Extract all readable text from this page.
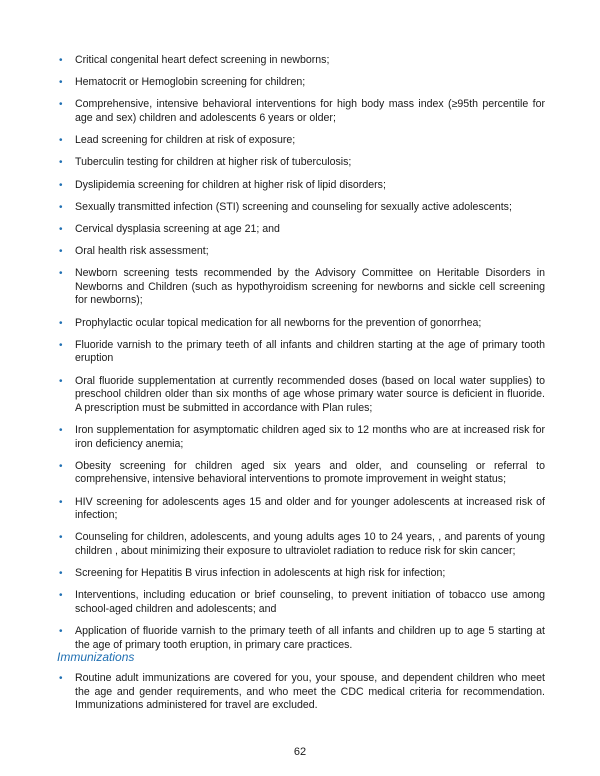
• Critical congenital heart defect screening in newborns;
• Hematocrit or Hemoglobin screening for children;
• Comprehensive, intensive behavioral interventions for high body mass index (≥95th percentile for age and sex) children and adolescents 6 years or older;
• Lead screening for children at risk of exposure;
• Tuberculin testing for children at higher risk of tuberculosis;
• Dyslipidemia screening for children at higher risk of lipid disorders;
• Sexually transmitted infection (STI) screening and counseling for sexually active adolescents;
• Cervical dysplasia screening at age 21; and
• Oral health risk assessment;
• Newborn screening tests recommended by the Advisory Committee on Heritable Disorders in Newborns and Children (such as hypothyroidism screening for newborns and sickle cell screening for newborns);
• Prophylactic ocular topical medication for all newborns for the prevention of gonorrhea;
• Fluoride varnish to the primary teeth of all infants and children starting at the age of primary tooth eruption
• Oral fluoride supplementation at currently recommended doses (based on local water supplies) to preschool children older than six months of age whose primary water source is deficient in fluoride. A prescription must be submitted in accordance with Plan rules;
• Iron supplementation for asymptomatic children aged six to 12 months who are at increased risk for iron deficiency anemia;
• Obesity screening for children aged six years and older, and counseling or referral to comprehensive, intensive behavioral interventions to promote improvement in weight status;
• HIV screening for adolescents ages 15 and older and for younger adolescents at increased risk of infection;
• Counseling for children, adolescents, and young adults ages 10 to 24 years, , and parents of young children , about minimizing their exposure to ultraviolet radiation to reduce risk for skin cancer;
• Screening for Hepatitis B virus infection in adolescents at high risk for infection;
• Interventions, including education or brief counseling, to prevent initiation of tobacco use among school-aged children and adolescents; and
• Application of fluoride varnish to the primary teeth of all infants and children up to age 5 starting at the age of primary tooth eruption, in primary care practices.
Immunizations
• Routine adult immunizations are covered for you, your spouse, and dependent children who meet the age and gender requirements, and who meet the CDC medical criteria for recommendation. Immunizations administered for travel are excluded.
62
